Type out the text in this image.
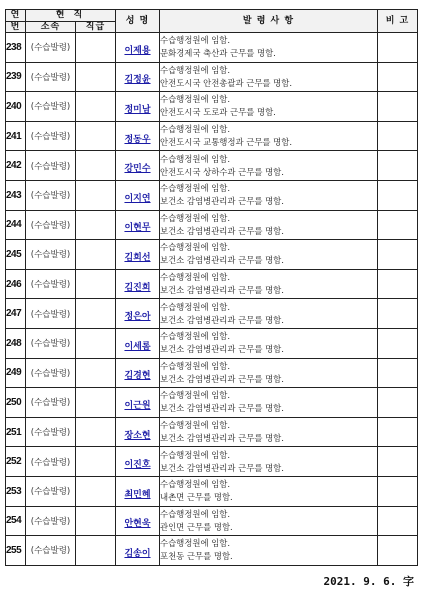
연	현 직		성 명	발 령 사 항	비 고
번	소속	직급			
238	(수습발령)		이제용	수습행정원에 임함.
문화경제국 축산과 근무를 명함.	

239	(수습발령)		김정윤	수습행정원에 임함.
안전도시국 안전총괄과 근무를 명함.	

240	(수습발령)		정미남	수습행정원에 임함.
안전도시국 도로과 근무를 명함.	

241	(수습발령)		정동우	수습행정원에 임함.
안전도시국 교통행정과 근무를 명함.	

242	(수습발령)		강민수	수습행정원에 임함.
안전도시국 상하수과 근무를 명함.	

243	(수습발령)		이지연	수습행정원에 임함.
보건소 감염병관리과 근무를 명함.	

244	(수습발령)		이현무	수습행정원에 임함.
보건소 감염병관리과 근무를 명함.	

245	(수습발령)		김희선	수습행정원에 임함.
보건소 감염병관리과 근무를 명함.	

246	(수습발령)		김진희	수습행정원에 임함.
보건소 감염병관리과 근무를 명함.	

247	(수습발령)		정은아	수습행정원에 임함.
보건소 감염병관리과 근무를 명함.	

248	(수습발령)		이세롬	수습행정원에 임함.
보건소 감염병관리과 근무를 명함.	

249	(수습발령)		김경현	수습행정원에 임함.
보건소 감염병관리과 근무를 명함.	

250	(수습발령)		이근원	수습행정원에 임함.
보건소 감염병관리과 근무를 명함.	

251	(수습발령)		장소현	수습행정원에 임함.
보건소 감염병관리과 근무를 명함.	

252	(수습발령)		이진호	수습행정원에 임함.
보건소 감염병관리과 근무를 명함.	

253	(수습발령)		최민혜	수습행정원에 임함.
내촌면 근무를 명함.	

254	(수습발령)		안현욱	수습행정원에 임함.
관인면 근무를 명함.	

255	(수습발령)		김송이	수습행정원에 임함.
포천동 근무를 명함.	

2021. 9. 6. 字
